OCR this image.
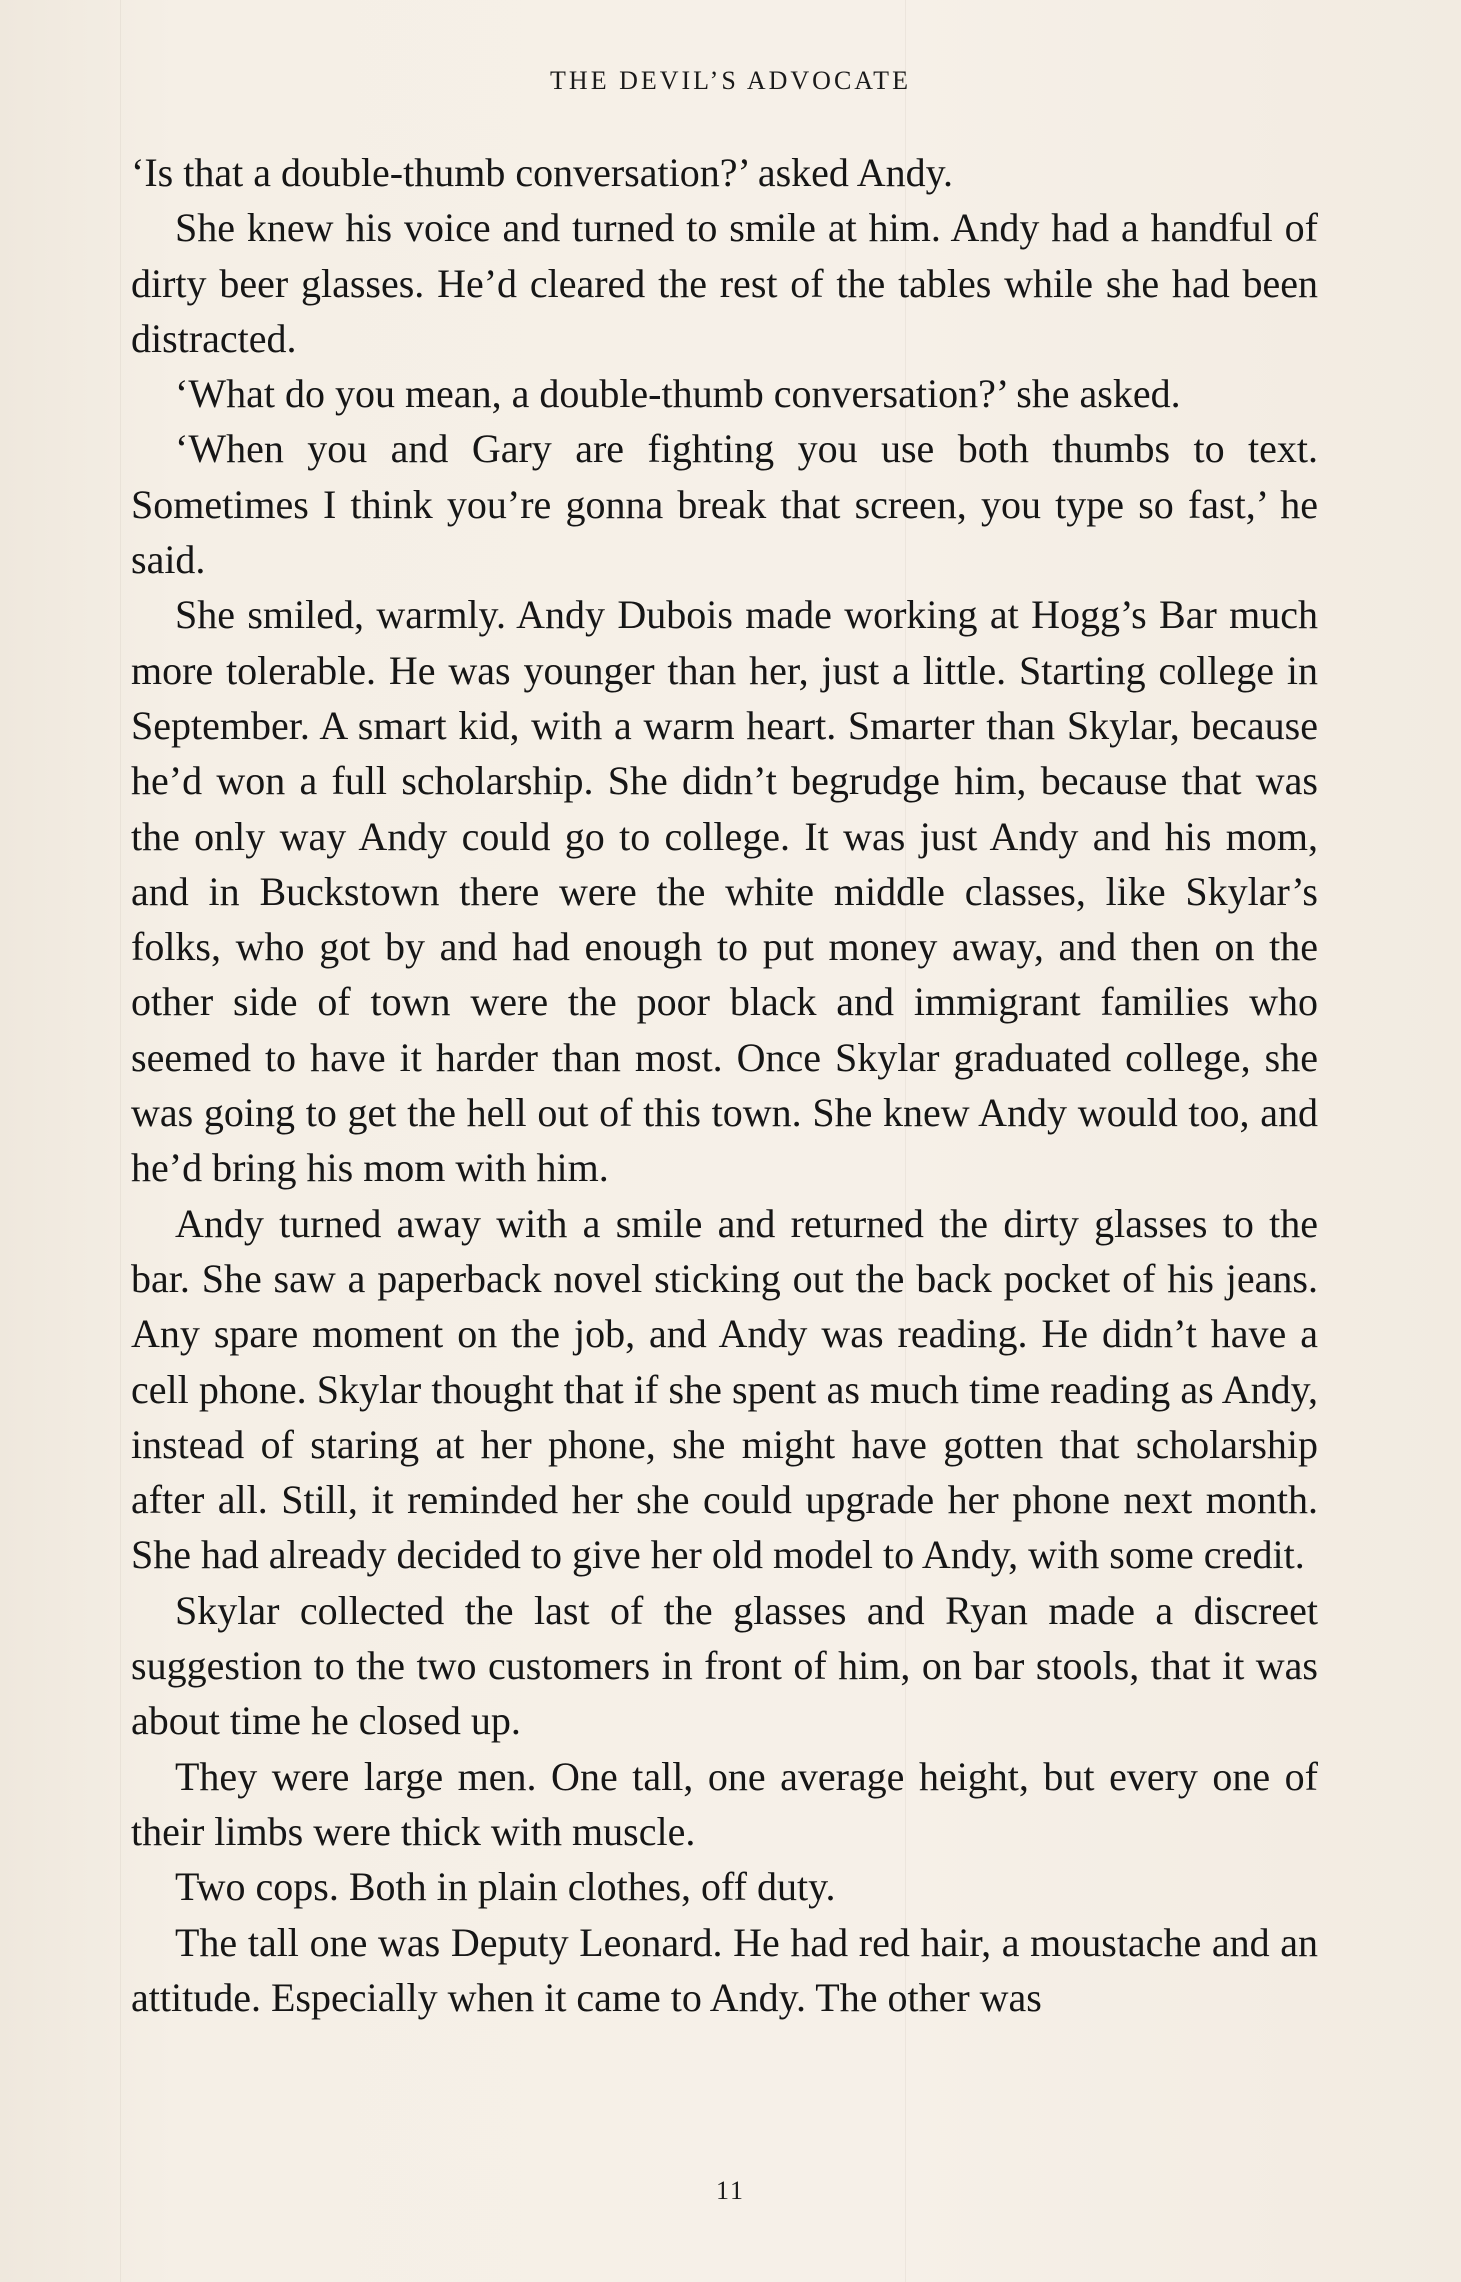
THE DEVIL’S ADVOCATE

‘Is that a double-thumb conversation?’ asked Andy.

She knew his voice and turned to smile at him. Andy had a handful of dirty beer glasses. He’d cleared the rest of the tables while she had been distracted.

‘What do you mean, a double-thumb conversation?’ she asked.

‘When you and Gary are fighting you use both thumbs to text. Sometimes I think you’re gonna break that screen, you type so fast,’ he said.

She smiled, warmly. Andy Dubois made working at Hogg’s Bar much more tolerable. He was younger than her, just a little. Starting college in September. A smart kid, with a warm heart. Smarter than Skylar, because he’d won a full scholarship. She didn’t begrudge him, because that was the only way Andy could go to college. It was just Andy and his mom, and in Buckstown there were the white middle classes, like Skylar’s folks, who got by and had enough to put money away, and then on the other side of town were the poor black and immigrant families who seemed to have it harder than most. Once Skylar graduated college, she was going to get the hell out of this town. She knew Andy would too, and he’d bring his mom with him.

Andy turned away with a smile and returned the dirty glasses to the bar. She saw a paperback novel sticking out the back pocket of his jeans. Any spare moment on the job, and Andy was reading. He didn’t have a cell phone. Skylar thought that if she spent as much time reading as Andy, instead of staring at her phone, she might have gotten that scholarship after all. Still, it reminded her she could upgrade her phone next month. She had already decided to give her old model to Andy, with some credit.

Skylar collected the last of the glasses and Ryan made a discreet suggestion to the two customers in front of him, on bar stools, that it was about time he closed up.

They were large men. One tall, one average height, but every one of their limbs were thick with muscle.

Two cops. Both in plain clothes, off duty.

The tall one was Deputy Leonard. He had red hair, a moustache and an attitude. Especially when it came to Andy. The other was

11
